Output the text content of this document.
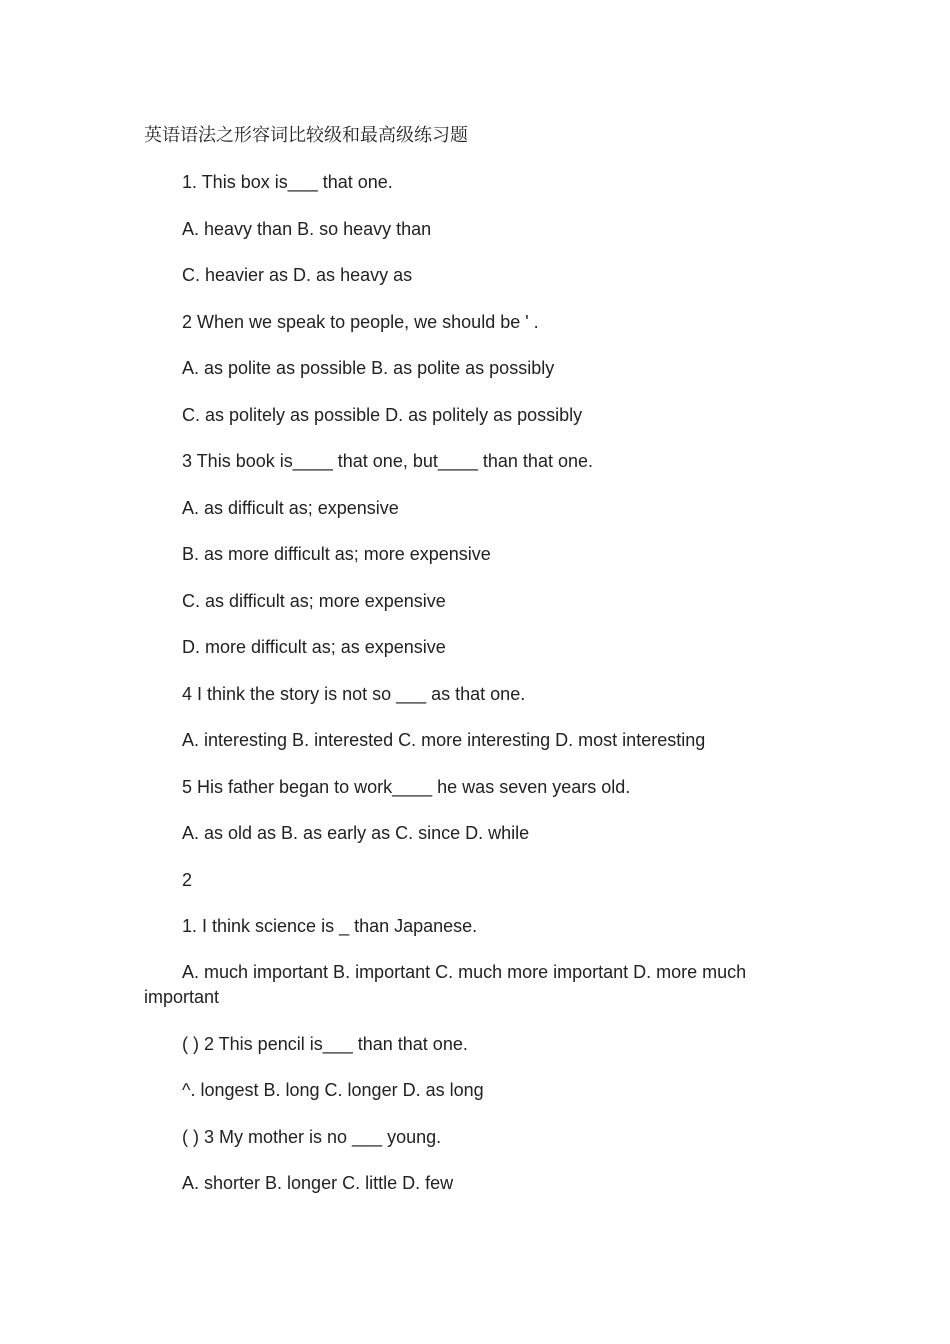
英语语法之形容词比较级和最高级练习题
1. This box is___ that one.
A. heavy than B. so heavy than
C. heavier as D. as heavy as
2 When we speak to people, we should be ' .
A. as polite as possible B. as polite as possibly
C. as politely as possible D. as politely as possibly
3 This book is____ that one, but____ than that one.
A. as difficult as; expensive
B. as more difficult as; more expensive
C. as difficult as; more expensive
D. more difficult as; as expensive
4 I think the story is not so ___ as that one.
A. interesting B. interested C. more interesting D. most interesting
5 His father began to work____ he was seven years old.
A. as old as B. as early as C. since D. while
2
1. I think science is _ than Japanese.
A. much important B. important C. much more important D. more much important
( ) 2 This pencil is___ than that one.
^. longest B. long C. longer D. as long
( ) 3 My mother is no ___ young.
A. shorter B. longer C. little D. few
